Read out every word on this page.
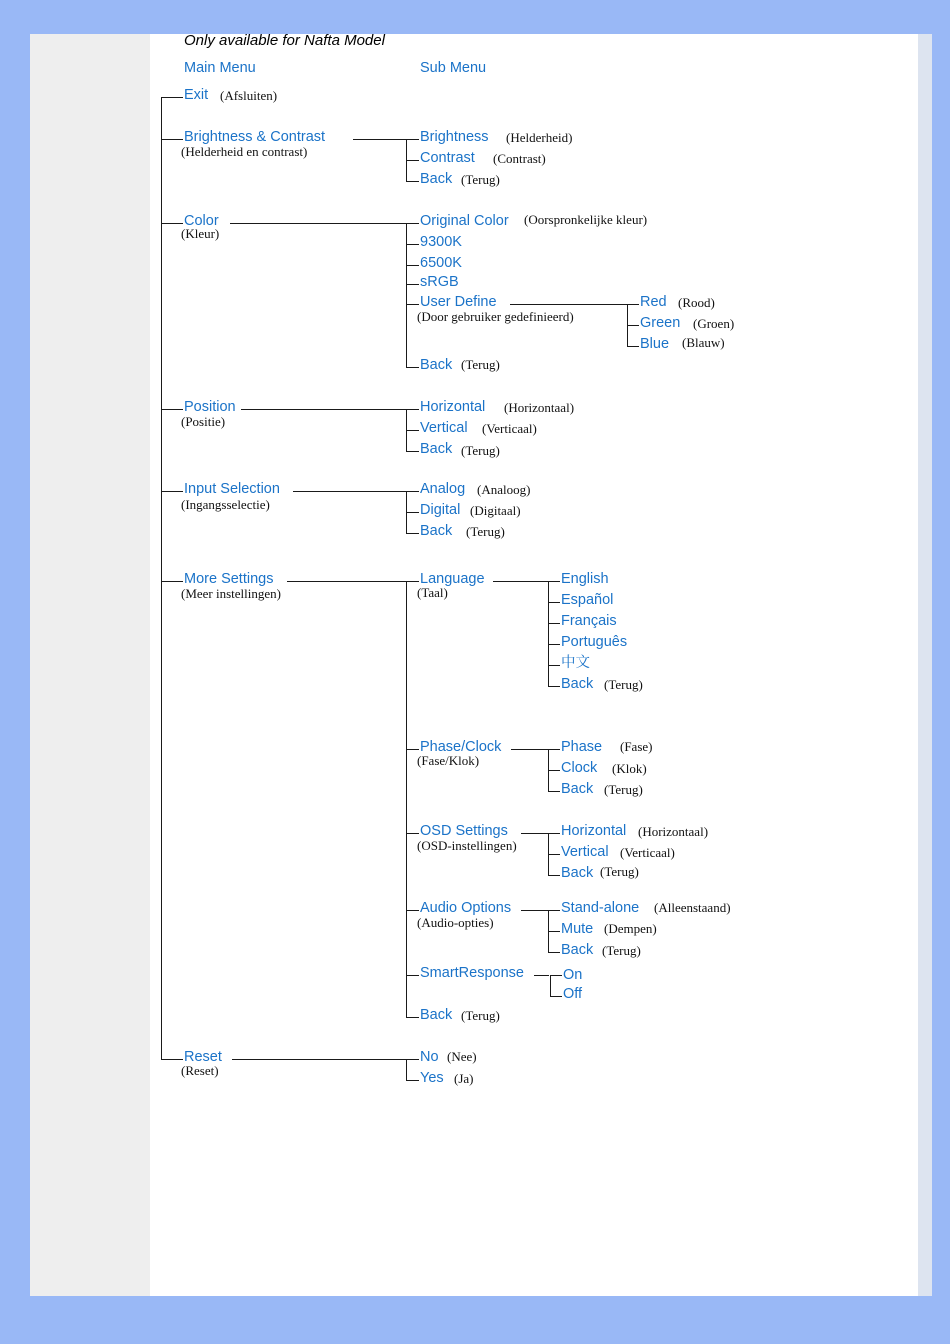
Only available for Nafta Model
Main Menu	Sub Menu
Exit (Afsluiten)
Brightness & Contrast
(Helderheid en contrast)
Brightness (Helderheid)
Contrast (Contrast)
Back (Terug)
Color
(Kleur)
Original Color (Oorspronkelijke kleur)
9300K
6500K
sRGB
User Define
(Door gebruiker gedefinieerd)
Red (Rood)
Green (Groen)
Blue (Blauw)
Back (Terug)
Position
(Positie)
Horizontal (Horizontaal)
Vertical (Verticaal)
Back (Terug)
Input Selection
(Ingangsselectie)
Analog (Analoog)
Digital (Digitaal)
Back (Terug)
More Settings
(Meer instellingen)
Language
(Taal)
English
Español
Français
Português
中文
Back (Terug)
Phase/Clock
(Fase/Klok)
Phase (Fase)
Clock (Klok)
Back (Terug)
OSD Settings
(OSD-instellingen)
Horizontal (Horizontaal)
Vertical (Verticaal)
Back (Terug)
Audio Options
(Audio-opties)
Stand-alone (Alleenstaand)
Mute (Dempen)
Back (Terug)
SmartResponse	On
Off
Back (Terug)
Reset
(Reset)
No (Nee)
Yes (Ja)
